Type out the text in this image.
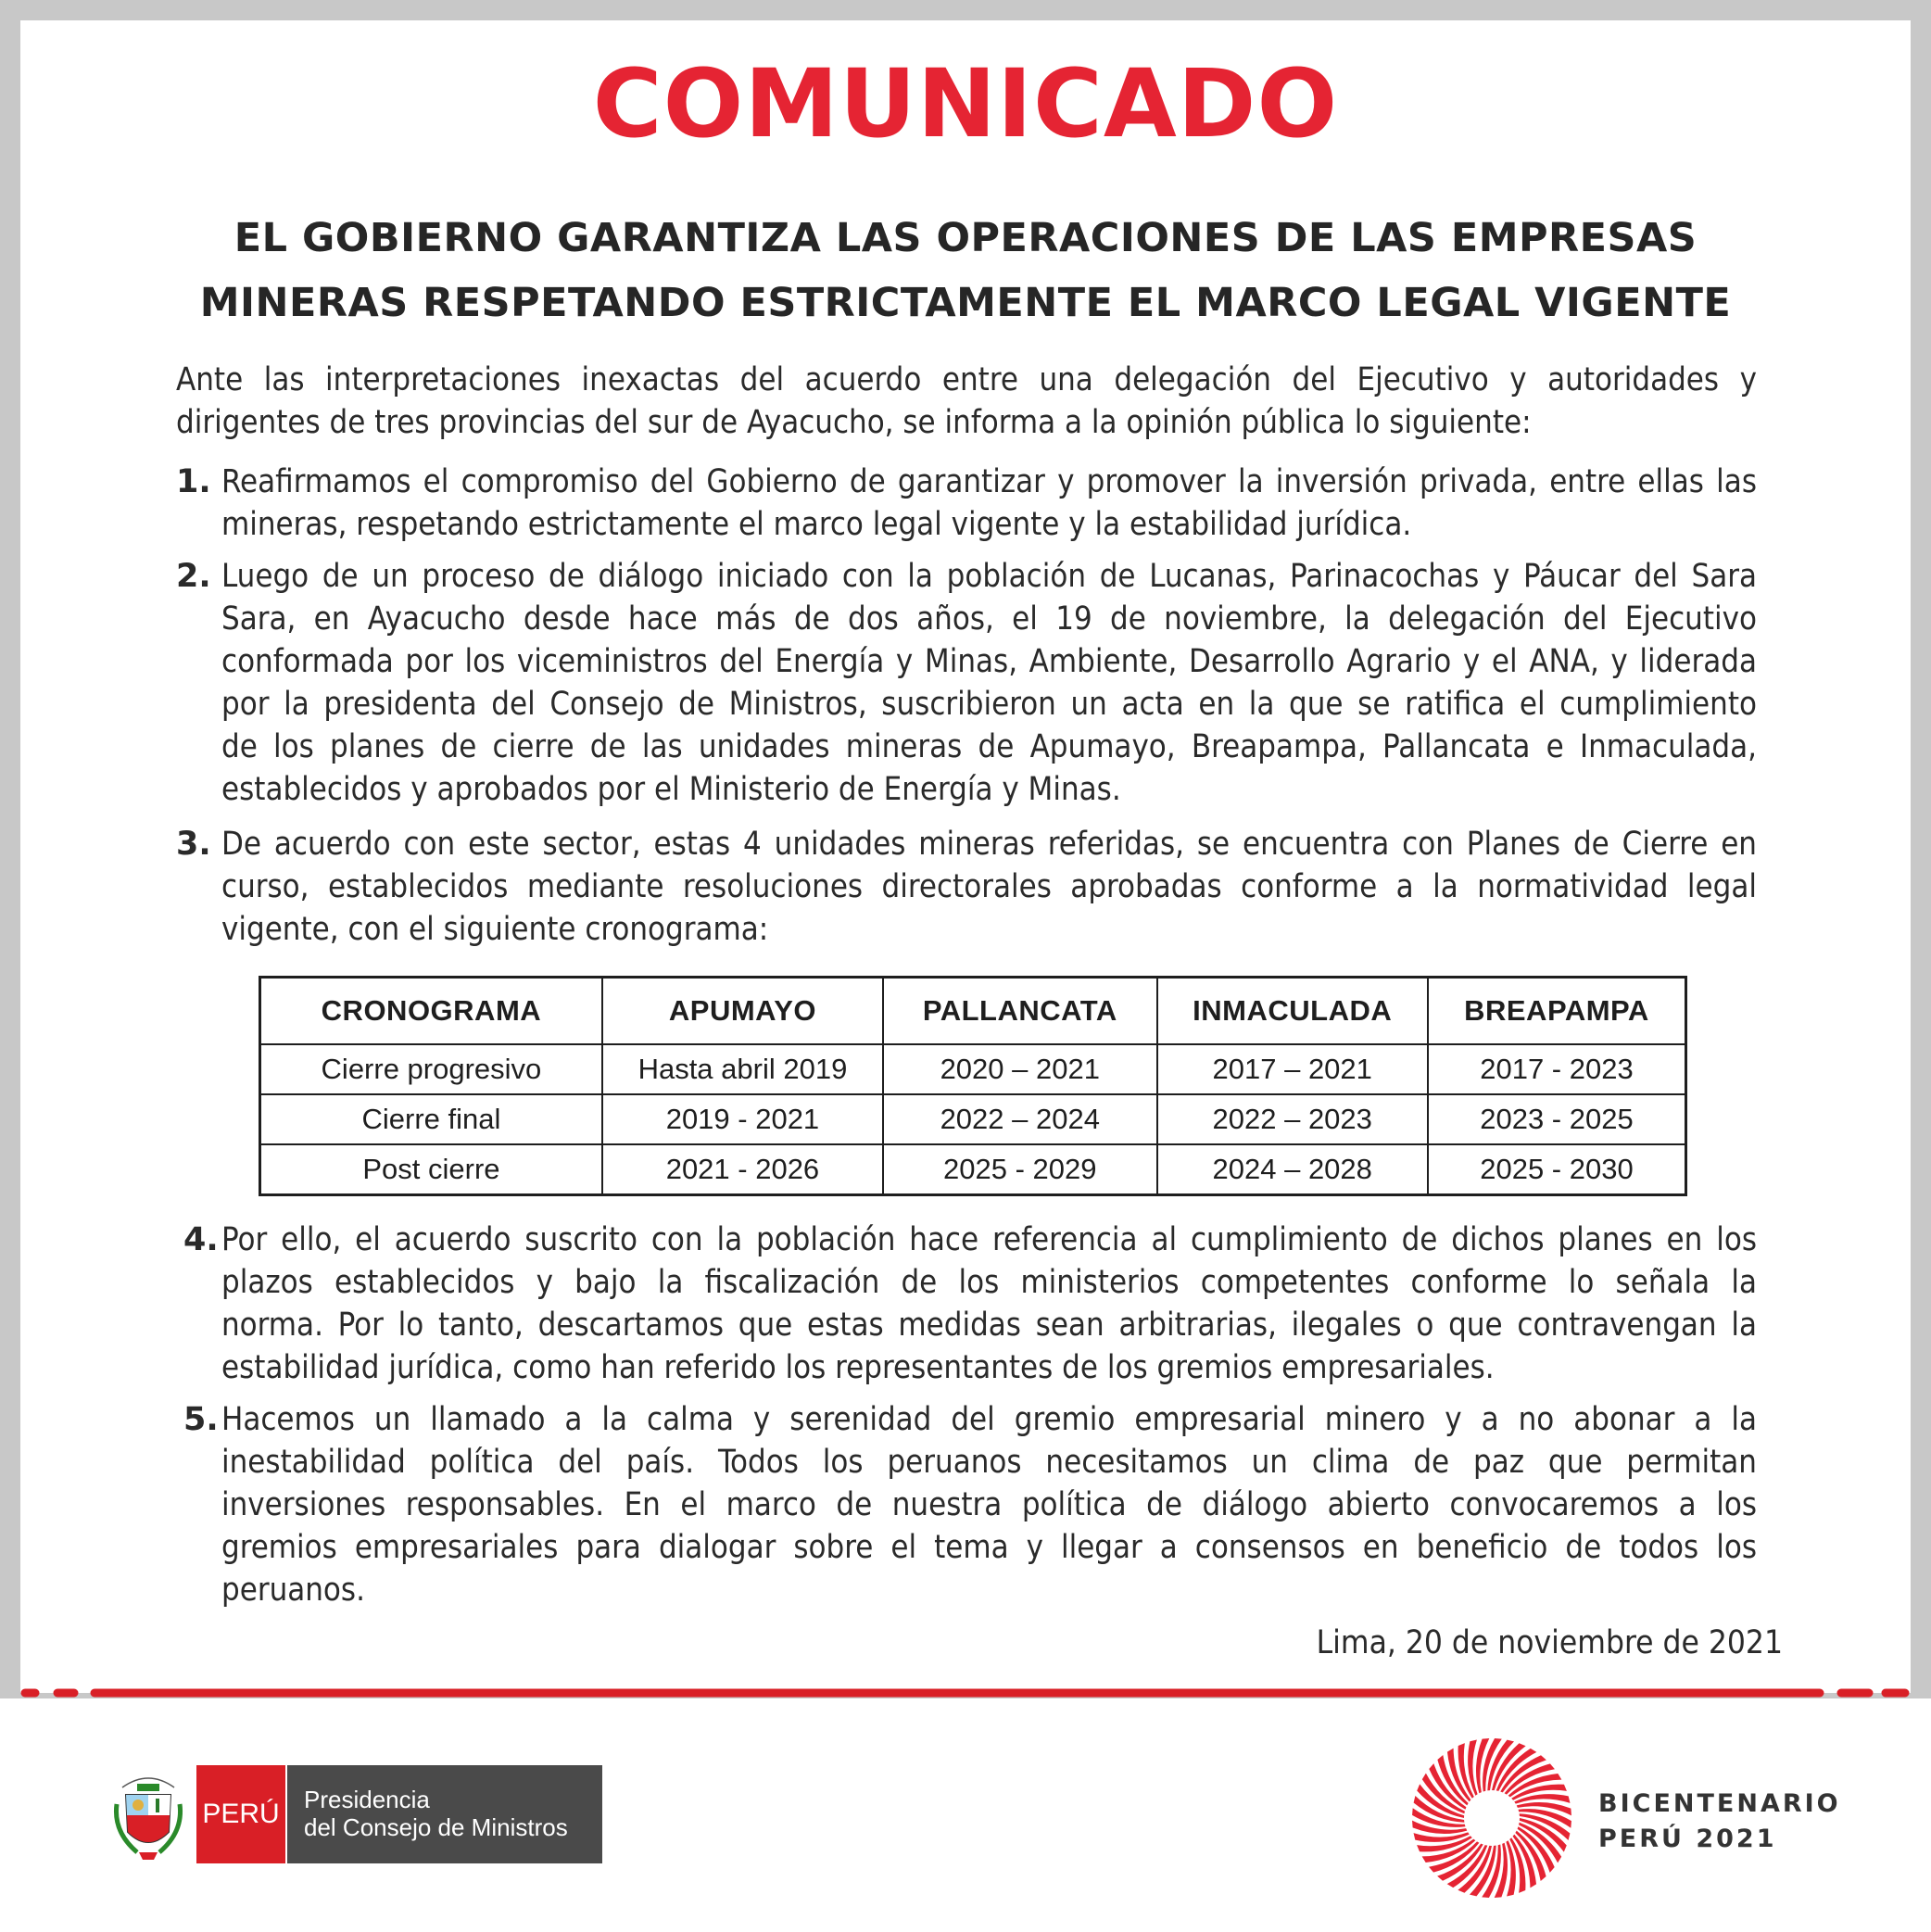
COMUNICADO
EL GOBIERNO GARANTIZA LAS OPERACIONES DE LAS EMPRESAS
MINERAS RESPETANDO ESTRICTAMENTE EL MARCO LEGAL VIGENTE
Ante las interpretaciones inexactas del acuerdo entre una delegación del Ejecutivo y autoridades y
dirigentes de tres provincias del sur de Ayacucho, se informa a la opinión pública lo siguiente:
1. Reafirmamos el compromiso del Gobierno de garantizar y promover la inversión privada, entre ellas las
mineras, respetando estrictamente el marco legal vigente y la estabilidad jurídica.
2. Luego de un proceso de diálogo iniciado con la población de Lucanas, Parinacochas y Páucar del Sara
Sara, en Ayacucho desde hace más de dos años, el 19 de noviembre, la delegación del Ejecutivo
conformada por los viceministros del Energía y Minas, Ambiente, Desarrollo Agrario y el ANA, y liderada
por la presidenta del Consejo de Ministros, suscribieron un acta en la que se ratifica el cumplimiento
de los planes de cierre de las unidades mineras de Apumayo, Breapampa, Pallancata e Inmaculada,
establecidos y aprobados por el Ministerio de Energía y Minas.
3. De acuerdo con este sector, estas 4 unidades mineras referidas, se encuentra con Planes de Cierre en
curso, establecidos mediante resoluciones directorales aprobadas conforme a la normatividad legal
vigente, con el siguiente cronograma:
CRONOGRAMA	APUMAYO	PALLANCATA	INMACULADA	BREAPAMPA
Cierre progresivo	Hasta abril 2019	2020 – 2021	2017 – 2021	2017 - 2023
Cierre final	2019 - 2021	2022 – 2024	2022 – 2023	2023 - 2025
Post cierre	2021 - 2026	2025 - 2029	2024 – 2028	2025 - 2030
4. Por ello, el acuerdo suscrito con la población hace referencia al cumplimiento de dichos planes en los
plazos establecidos y bajo la fiscalización de los ministerios competentes conforme lo señala la
norma. Por lo tanto, descartamos que estas medidas sean arbitrarias, ilegales o que contravengan la
estabilidad jurídica, como han referido los representantes de los gremios empresariales.
5. Hacemos un llamado a la calma y serenidad del gremio empresarial minero y a no abonar a la
inestabilidad política del país. Todos los peruanos necesitamos un clima de paz que permitan
inversiones responsables. En el marco de nuestra política de diálogo abierto convocaremos a los
gremios empresariales para dialogar sobre el tema y llegar a consensos en beneficio de todos los
peruanos.
Lima, 20 de noviembre de 2021
PERÚ Presidencia
del Consejo de Ministros
BICENTENARIO
PERÚ 2021
